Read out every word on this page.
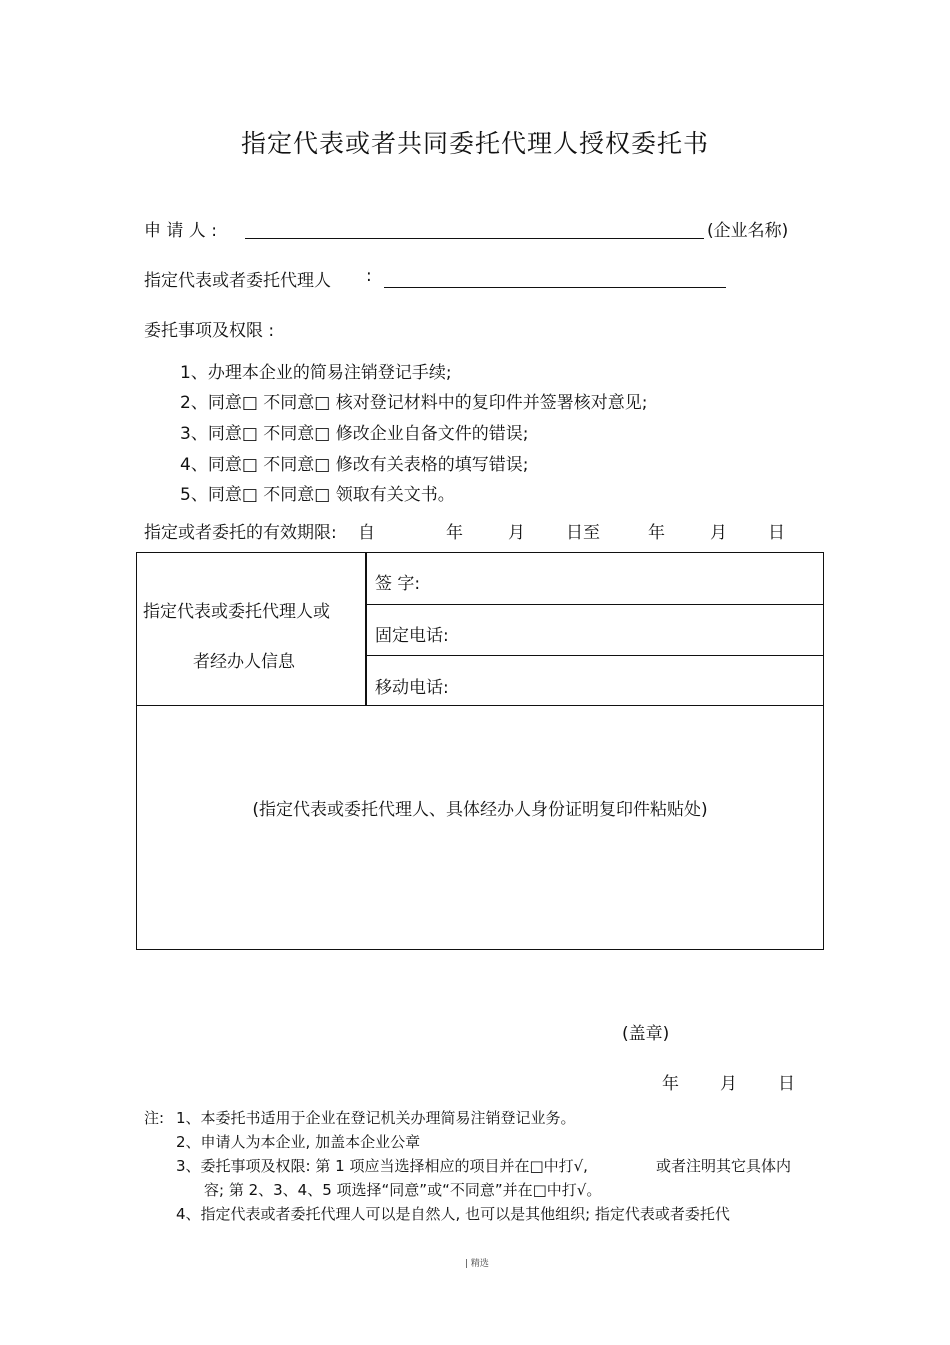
指定代表或者共同委托代理人授权委托书
申 请 人 :	(企业名称)
指定代表或者委托代理人 :
委托事项及权限 :
1、办理本企业的简易注销登记手续;
2、同意□ 不同意□ 核对登记材料中的复印件并签署核对意见;
3、同意□ 不同意□ 修改企业自备文件的错误;
4、同意□ 不同意□ 修改有关表格的填写错误;
5、同意□ 不同意□ 领取有关文书。
指定或者委托的有效期限: 自	年	月 日至	年	月 日
指定代表或委托代理人或
者经办人信息
签 字:
固定电话:
移动电话:
(指定代表或委托代理人、具体经办人身份证明复印件粘贴处)
(盖章)
年 月 日
注: 1、本委托书适用于企业在登记机关办理简易注销登记业务。
2、申请人为本企业, 加盖本企业公章
3、委托事项及权限: 第 1 项应当选择相应的项目并在□中打√,	或者注明其它具体内
容; 第 2、3、4、5 项选择“同意”或“不同意”并在□中打√。
4、指定代表或者委托代理人可以是自然人, 也可以是其他组织; 指定代表或者委托代
| 精选
